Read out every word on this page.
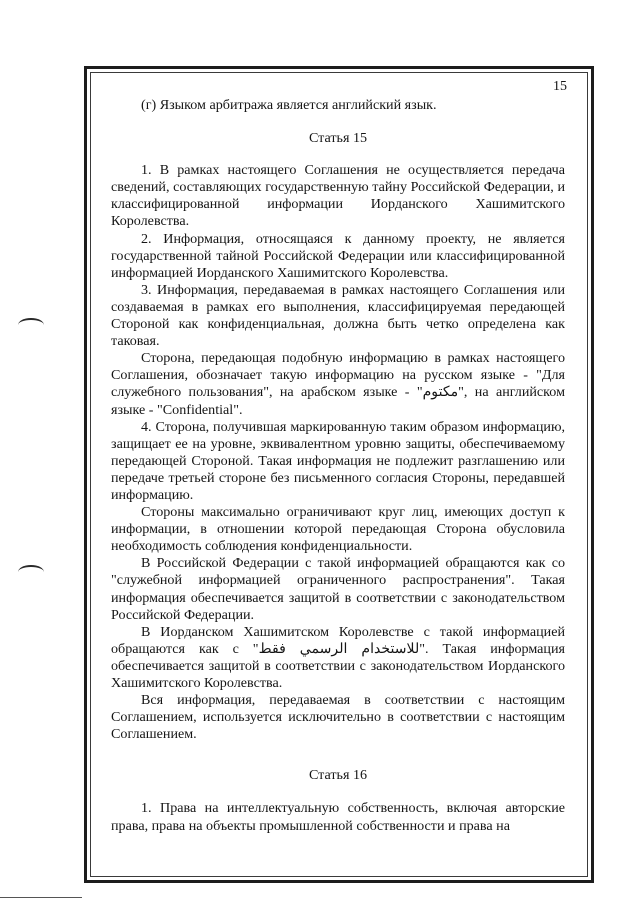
15

(г) Языком арбитража является английский язык.

Статья 15

1. В рамках настоящего Соглашения не осуществляется передача сведений, составляющих государственную тайну Российской Федерации, и классифицированной информации Иорданского Хашимитского Королевства.

2. Информация, относящаяся к данному проекту, не является государственной тайной Российской Федерации или классифицированной информацией Иорданского Хашимитского Королевства.

3. Информация, передаваемая в рамках настоящего Соглашения или создаваемая в рамках его выполнения, классифицируемая передающей Стороной как конфиденциальная, должна быть четко определена как таковая.

Сторона, передающая подобную информацию в рамках настоящего Соглашения, обозначает такую информацию на русском языке - "Для служебного пользования", на арабском языке - "مكتوم", на английском языке - "Confidential".

4. Сторона, получившая маркированную таким образом информацию, защищает ее на уровне, эквивалентном уровню защиты, обеспечиваемому передающей Стороной. Такая информация не подлежит разглашению или передаче третьей стороне без письменного согласия Стороны, передавшей информацию.

Стороны максимально ограничивают круг лиц, имеющих доступ к информации, в отношении которой передающая Сторона обусловила необходимость соблюдения конфиденциальности.

В Российской Федерации с такой информацией обращаются как со "служебной информацией ограниченного распространения". Такая информация обеспечивается защитой в соответствии с законодательством Российской Федерации.

В Иорданском Хашимитском Королевстве с такой информацией обращаются как с "للاستخدام الرسمي فقط". Такая информация обеспечивается защитой в соответствии с законодательством Иорданского Хашимитского Королевства.

Вся информация, передаваемая в соответствии с настоящим Соглашением, используется исключительно в соответствии с настоящим Соглашением.

Статья 16

1. Права на интеллектуальную собственность, включая авторские права, права на объекты промышленной собственности и права на
